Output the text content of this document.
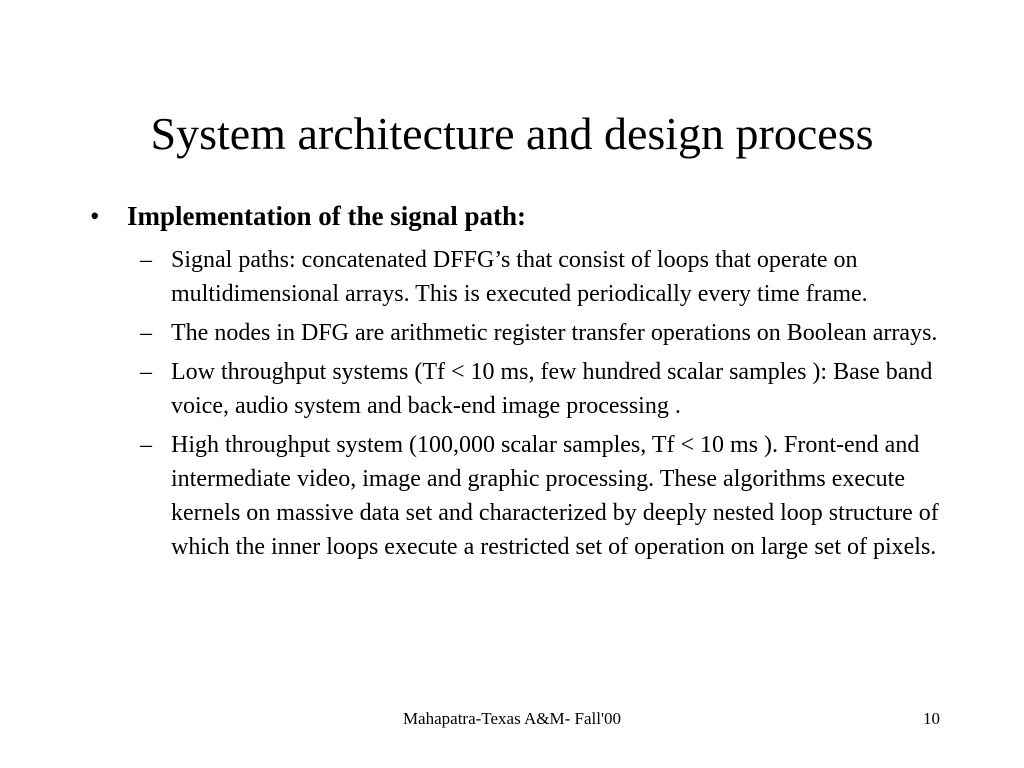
System architecture and design process
• Implementation of the signal path:
– Signal paths: concatenated DFFG’s that consist of loops that operate on multidimensional arrays. This is executed periodically every time frame.
– The nodes in DFG are arithmetic register transfer operations on Boolean arrays.
– Low throughput systems (Tf < 10 ms, few hundred scalar samples ): Base band voice, audio system and back-end image processing .
– High throughput system (100,000 scalar samples, Tf < 10 ms ). Front-end and intermediate video, image and graphic processing. These algorithms execute kernels on massive data set and characterized by deeply nested loop structure of which the inner loops execute a restricted set of operation on large set of pixels.
Mahapatra-Texas A&M- Fall'00	10
